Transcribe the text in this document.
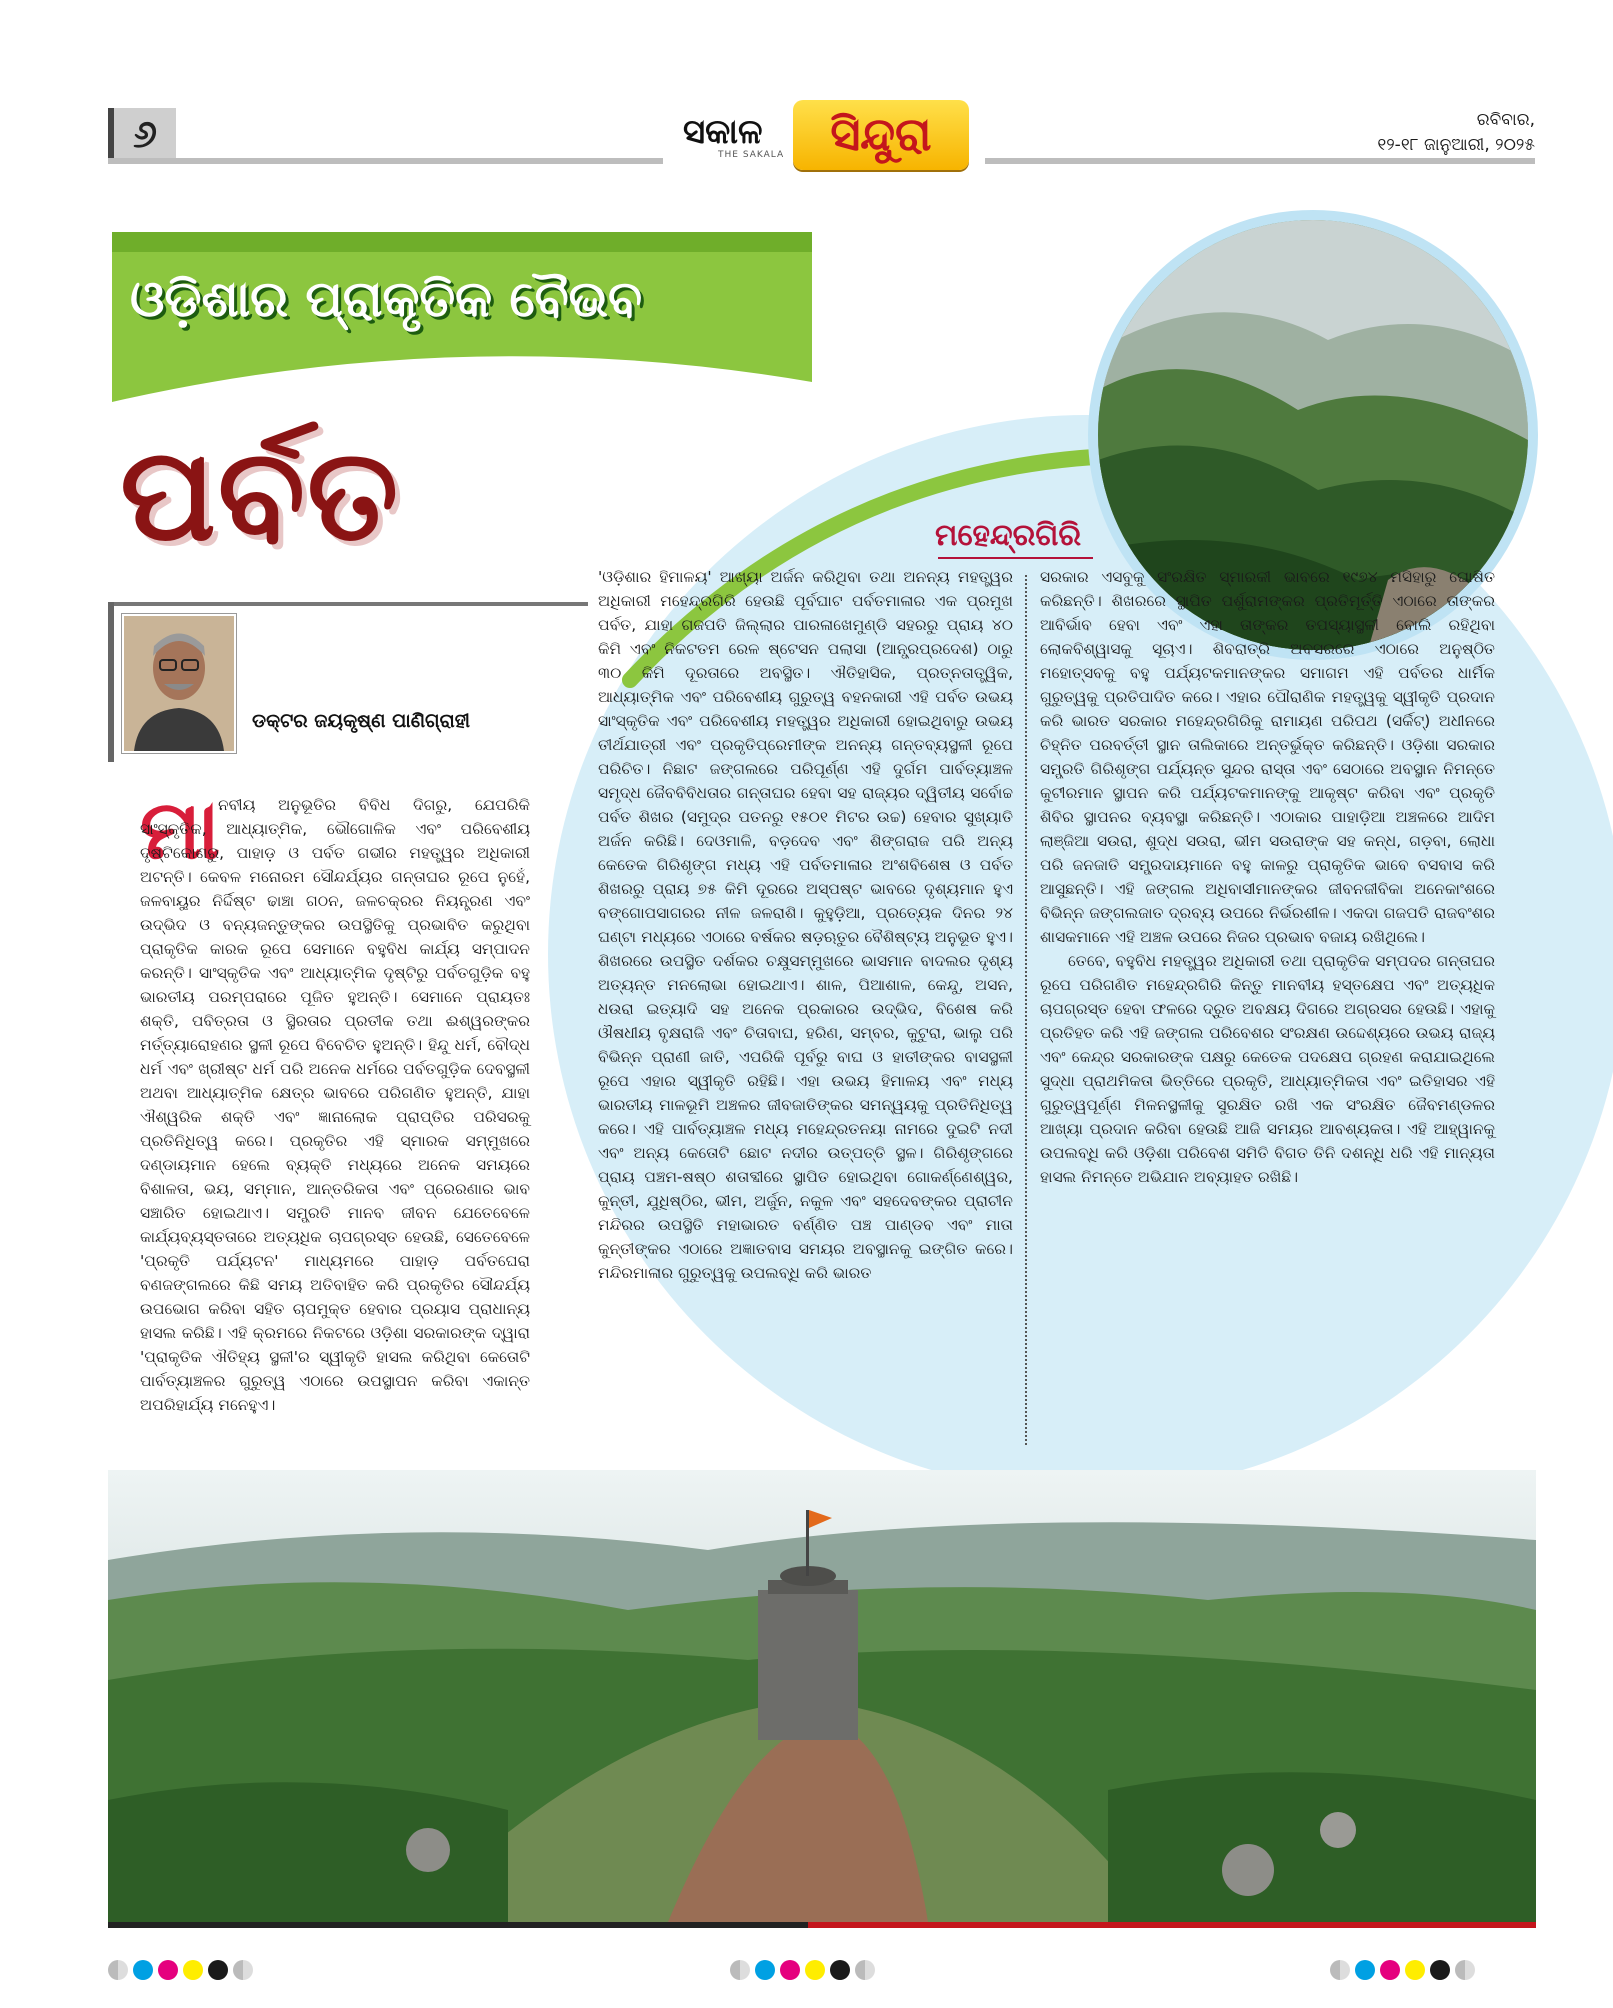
୬	ସକାଳ
THE SAKALA	ସିନ୍ଦୁରା	ରବିବାର,
୧୨-୧୮ ଜାନୁଆରୀ, ୨୦୨୫
ଓଡ଼ିଶାର ପ୍ରାକୃତିକ ବୈଭବ
ପର୍ବତ
ଡକ୍ଟର ଜୟକୃଷ୍ଣ ପାଣିଗ୍ରାହୀ
ମା
ନବୀୟ ଅନୁଭୂତିର ବିବିଧ ଦିଗରୁ, ଯେପରିକି ସାଂସ୍କୃତିକ, ଆଧ୍ୟାତ୍ମିକ, ଭୌଗୋଳିକ ଏବଂ ପରିବେଶୀୟ ଦୃଷ୍ଟିକୋଣରୁ, ପାହାଡ଼ ଓ ପର୍ବତ ଗଭୀର ମହତ୍ତ୍ୱର ଅଧିକାରୀ ଅଟନ୍ତି। କେବଳ ମନୋରମ ସୌନ୍ଦର୍ଯ୍ୟର ଗନ୍ତାଘର ରୂପେ ନୁହେଁ, ଜଳବାୟୁର ନିର୍ଦ୍ଦିଷ୍ଟ ଢାଞ୍ଚା ଗଠନ, ଜଳଚକ୍ରର ନିୟନ୍ତ୍ରଣ ଏବଂ ଉଦ୍ଭିଦ ଓ ବନ୍ୟଜନ୍ତୁଙ୍କର ଉପସ୍ଥିତିକୁ ପ୍ରଭାବିତ କରୁଥିବା ପ୍ରାକୃତିକ କାରକ ରୂପେ ସେମାନେ ବହୁବିଧ କାର୍ଯ୍ୟ ସମ୍ପାଦନ କରନ୍ତି। ସାଂସ୍କୃତିକ ଏବଂ ଆଧ୍ୟାତ୍ମିକ ଦୃଷ୍ଟିରୁ ପର୍ବତଗୁଡ଼ିକ ବହୁ ଭାରତୀୟ ପରମ୍ପରାରେ ପୂଜିତ ହୁଅନ୍ତି। ସେମାନେ ପ୍ରାୟତଃ ଶକ୍ତି, ପବିତ୍ରତା ଓ ସ୍ଥିରତାର ପ୍ରତୀକ ତଥା ଈଶ୍ୱରଙ୍କର ମର୍ତ୍ତ୍ୟାରୋହଣର ସ୍ଥଳୀ ରୂପେ ବିବେଚିତ ହୁଅନ୍ତି। ହିନ୍ଦୁ ଧର୍ମ, ବୌଦ୍ଧ ଧର୍ମ ଏବଂ ଖ୍ରୀଷ୍ଟ ଧର୍ମ ପରି ଅନେକ ଧର୍ମରେ ପର୍ବତଗୁଡ଼ିକ ଦେବସ୍ଥଳୀ ଅଥବା ଆଧ୍ୟାତ୍ମିକ କ୍ଷେତ୍ର ଭାବରେ ପରିଗଣିତ ହୁଅନ୍ତି, ଯାହା ଐଶ୍ୱରିକ ଶକ୍ତି ଏବଂ ଜ୍ଞାନାଲୋକ ପ୍ରାପ୍ତିର ପରିସରକୁ ପ୍ରତିନିଧିତ୍ୱ କରେ। ପ୍ରକୃତିର ଏହି ସ୍ମାରକ ସମ୍ମୁଖରେ ଦଣ୍ଡାୟମାନ ହେଲେ ବ୍ୟକ୍ତି ମଧ୍ୟରେ ଅନେକ ସମୟରେ ବିଶାଳତା, ଭୟ, ସମ୍ମାନ, ଆନ୍ତରିକତା ଏବଂ ପ୍ରେରଣାର ଭାବ ସଞ୍ଚାରିତ ହୋଇଥାଏ। ସମ୍ପ୍ରତି ମାନବ ଜୀବନ ଯେତେବେଳେ କାର୍ଯ୍ୟବ୍ୟସ୍ତତାରେ ଅତ୍ୟଧିକ ଚାପଗ୍ରସ୍ତ ହେଉଛି, ସେତେବେଳେ 'ପ୍ରକୃତି ପର୍ଯ୍ୟଟନ' ମାଧ୍ୟମରେ ପାହାଡ଼ ପର୍ବତଘେରା ବଣଜଙ୍ଗଲରେ କିଛି ସମୟ ଅତିବାହିତ କରି ପ୍ରକୃତିର ସୌନ୍ଦର୍ଯ୍ୟ ଉପଭୋଗ କରିବା ସହିତ ଚାପମୁକ୍ତ ହେବାର ପ୍ରୟାସ ପ୍ରାଧାନ୍ୟ ହାସଲ କରିଛି। ଏହି କ୍ରମରେ ନିକଟରେ ଓଡ଼ିଶା ସରକାରଙ୍କ ଦ୍ୱାରା 'ପ୍ରାକୃତିକ ଐତିହ୍ୟ ସ୍ଥଳୀ'ର ସ୍ୱୀକୃତି ହାସଲ କରିଥିବା କେତୋଟି ପାର୍ବତ୍ୟାଞ୍ଚଳର ଗୁରୁତ୍ୱ ଏଠାରେ ଉପସ୍ଥାପନ କରିବା ଏକାନ୍ତ ଅପରିହାର୍ଯ୍ୟ ମନେହୁଏ।
ମହେନ୍ଦ୍ରଗିରି

'ଓଡ଼ିଶାର ହିମାଳୟ' ଆଖ୍ୟା ଅର୍ଜନ କରିଥିବା ତଥା ଅନନ୍ୟ ମହତ୍ତ୍ୱର ଅଧିକାରୀ ମହେନ୍ଦ୍ରଗିରି ହେଉଛି ପୂର୍ବଘାଟ ପର୍ବତମାଳାର ଏକ ପ୍ରମୁଖ ପର୍ବତ, ଯାହା ଗଜପତି ଜିଲ୍ଲାର ପାରଳାଖେମୁଣ୍ଡି ସହରରୁ ପ୍ରାୟ ୪୦ କିମି ଏବଂ ନିକଟତମ ରେଳ ଷ୍ଟେସନ ପଲାସା (ଆନ୍ଧ୍ରପ୍ରଦେଶ) ଠାରୁ ୩୦ କିମି ଦୂରତାରେ ଅବସ୍ଥିତ। ଐତିହାସିକ, ପ୍ରତ୍ନତାତ୍ତ୍ୱିକ, ଆଧ୍ୟାତ୍ମିକ ଏବଂ ପରିବେଶୀୟ ଗୁରୁତ୍ୱ ବହନକାରୀ ଏହି ପର୍ବତ ଉଭୟ ସାଂସ୍କୃତିକ ଏବଂ ପରିବେଶୀୟ ମହତ୍ତ୍ୱର ଅଧିକାରୀ ହୋଇଥିବାରୁ ଉଭୟ ତୀର୍ଥଯାତ୍ରୀ ଏବଂ ପ୍ରକୃତିପ୍ରେମୀଙ୍କ ଅନନ୍ୟ ଗନ୍ତବ୍ୟସ୍ଥଳୀ ରୂପେ ପରିଚିତ। ନିଛାଟ ଜଙ୍ଗଲରେ ପରିପୂର୍ଣ୍ଣ ଏହି ଦୁର୍ଗମ ପାର୍ବତ୍ୟାଞ୍ଚଳ ସମୃଦ୍ଧ ଜୈବବିବିଧତାର ଗନ୍ତାଘର ହେବା ସହ ରାଜ୍ୟର ଦ୍ୱିତୀୟ ସର୍ବୋଚ୍ଚ ପର୍ବତ ଶିଖର (ସମୁଦ୍ର ପତନରୁ ୧୫୦୧ ମିଟର ଉଚ୍ଚ) ହେବାର ସୁଖ୍ୟାତି ଅର୍ଜନ କରିଛି। ଦେଓମାଳି, ବଡ଼ଦେବ ଏବଂ ଶିଙ୍ଗରାଜ ପରି ଅନ୍ୟ କେତେକ ଗିରିଶୃଙ୍ଗ ମଧ୍ୟ ଏହି ପର୍ବତମାଳାର ଅଂଶବିଶେଷ ଓ ପର୍ବତ ଶିଖରରୁ ପ୍ରାୟ ୭୫ କିମି ଦୂରରେ ଅସ୍ପଷ୍ଟ ଭାବରେ ଦୃଶ୍ୟମାନ ହୁଏ ବଙ୍ଗୋପସାଗରର ନୀଳ ଜଳରାଶି। କୁହୁଡ଼ିଆ, ପ୍ରତ୍ୟେକ ଦିନର ୨୪ ଘଣ୍ଟା ମଧ୍ୟରେ ଏଠାରେ ବର୍ଷକର ଷଡ଼ଋତୁର ବୈଶିଷ୍ଟ୍ୟ ଅନୁଭୂତ ହୁଏ। ଶିଖରରେ ଉପସ୍ଥିତ ଦର୍ଶକର ଚକ୍ଷୁସମ୍ମୁଖରେ ଭାସମାନ ବାଦଲର ଦୃଶ୍ୟ ଅତ୍ୟନ୍ତ ମନଲୋଭା ହୋଇଥାଏ। ଶାଳ, ପିଆଶାଳ, କେନ୍ଦୁ, ଅସନ, ଧଉରା ଇତ୍ୟାଦି ସହ ଅନେକ ପ୍ରକାରର ଉଦ୍ଭିଦ, ବିଶେଷ କରି ଔଷଧୀୟ ବୃକ୍ଷରାଜି ଏବଂ ଚିତାବାଘ, ହରିଣ, ସମ୍ବର, କୁଟୁରା, ଭାଲୁ ପରି ବିଭିନ୍ନ ପ୍ରାଣୀ ଜାତି, ଏପରିକି ପୂର୍ବରୁ ବାଘ ଓ ହାତୀଙ୍କର ବାସସ୍ଥଳୀ ରୂପେ ଏହାର ସ୍ୱୀକୃତି ରହିଛି। ଏହା ଉଭୟ ହିମାଳୟ ଏବଂ ମଧ୍ୟ ଭାରତୀୟ ମାଳଭୂମି ଅଞ୍ଚଳର ଜୀବଜାତିଙ୍କର ସମନ୍ୱୟକୁ ପ୍ରତିନିଧିତ୍ୱ କରେ। ଏହି ପାର୍ବତ୍ୟାଞ୍ଚଳ ମଧ୍ୟ ମହେନ୍ଦ୍ରତନୟା ନାମରେ ଦୁଇଟି ନଦୀ ଏବଂ ଅନ୍ୟ କେତୋଟି ଛୋଟ ନଦୀର ଉତ୍ପତ୍ତି ସ୍ଥଳ। ଗିରିଶୃଙ୍ଗରେ ପ୍ରାୟ ପଞ୍ଚମ-ଷଷ୍ଠ ଶତାବ୍ଦୀରେ ସ୍ଥାପିତ ହୋଇଥିବା ଗୋକର୍ଣ୍ଣେଶ୍ୱର, କୁନ୍ତୀ, ଯୁଧିଷ୍ଠିର, ଭୀମ, ଅର୍ଜୁନ, ନକୁଳ ଏବଂ ସହଦେବଙ୍କର ପ୍ରାଚୀନ ମନ୍ଦିରର ଉପସ୍ଥିତି ମହାଭାରତ ବର୍ଣ୍ଣିତ ପଞ୍ଚ ପାଣ୍ଡବ ଏବଂ ମାତା କୁନ୍ତୀଙ୍କର ଏଠାରେ ଅଜ୍ଞାତବାସ ସମୟର ଅବସ୍ଥାନକୁ ଇଙ୍ଗିତ କରେ। ମନ୍ଦିରମାଳାର ଗୁରୁତ୍ୱକୁ ଉପଲବ୍ଧି କରି ଭାରତ

ସରକାର ଏସବୁକୁ ସଂରକ୍ଷିତ ସ୍ମାରକୀ ଭାବରେ ୧୯୭୪ ମସିହାରୁ ଘୋଷିତ କରିଛନ୍ତି। ଶିଖରରେ ସ୍ଥାପିତ ପର୍ଶୁରାମଙ୍କର ପ୍ରତିମୂର୍ତ୍ତି ଏଠାରେ ତାଙ୍କର ଆବିର୍ଭାବ ହେବା ଏବଂ ଏହା ତାଙ୍କର ତପସ୍ୟାସ୍ଥଳୀ ବୋଲି ରହିଥିବା ଲୋକବିଶ୍ୱାସକୁ ସୂଚାଏ। ଶିବରାତ୍ରି ଅବସରରେ ଏଠାରେ ଅନୁଷ୍ଠିତ ମହୋତ୍ସବକୁ ବହୁ ପର୍ଯ୍ୟଟକମାନଙ୍କର ସମାଗମ ଏହି ପର୍ବତର ଧାର୍ମିକ ଗୁରୁତ୍ୱକୁ ପ୍ରତିପାଦିତ କରେ। ଏହାର ପୌରାଣିକ ମହତ୍ତ୍ୱକୁ ସ୍ୱୀକୃତି ପ୍ରଦାନ କରି ଭାରତ ସରକାର ମହେନ୍ଦ୍ରଗିରିକୁ ରାମାୟଣ ପରିପଥ (ସର୍କିଟ୍) ଅଧୀନରେ ଚିହ୍ନିତ ପରବର୍ତ୍ତୀ ସ୍ଥାନ ତାଲିକାରେ ଅନ୍ତର୍ଭୁକ୍ତ କରିଛନ୍ତି। ଓଡ଼ିଶା ସରକାର ସମ୍ପ୍ରତି ଗିରିଶୃଙ୍ଗ ପର୍ଯ୍ୟନ୍ତ ସୁନ୍ଦର ରାସ୍ତା ଏବଂ ସେଠାରେ ଅବସ୍ଥାନ ନିମନ୍ତେ କୁଟୀରମାନ ସ୍ଥାପନ କରି ପର୍ଯ୍ୟଟକମାନଙ୍କୁ ଆକୃଷ୍ଟ କରିବା ଏବଂ ପ୍ରକୃତି ଶିବିର ସ୍ଥାପନର ବ୍ୟବସ୍ଥା କରିଛନ୍ତି। ଏଠାକାର ପାହାଡ଼ିଆ ଅଞ୍ଚଳରେ ଆଦିମ ଲାଞ୍ଜିଆ ସଉରା, ଶୁଦ୍ଧ ସଉରା, ଭୀମ ସଉରାଙ୍କ ସହ କନ୍ଧ, ଗଡ଼ବା, ଲୋଧା ପରି ଜନଜାତି ସମ୍ପ୍ରଦାୟମାନେ ବହୁ କାଳରୁ ପ୍ରାକୃତିକ ଭାବେ ବସବାସ କରି ଆସୁଛନ୍ତି। ଏହି ଜଙ୍ଗଲ ଅଧିବାସୀମାନଙ୍କର ଜୀବନଜୀବିକା ଅନେକାଂଶରେ ବିଭିନ୍ନ ଜଙ୍ଗଲଜାତ ଦ୍ରବ୍ୟ ଉପରେ ନିର୍ଭରଶୀଳ। ଏକଦା ଗଜପତି ରାଜବଂଶର ଶାସକମାନେ ଏହି ଅଞ୍ଚଳ ଉପରେ ନିଜର ପ୍ରଭାବ ବଜାୟ ରଖିଥିଲେ।

ତେବେ, ବହୁବିଧ ମହତ୍ତ୍ୱର ଅଧିକାରୀ ତଥା ପ୍ରାକୃତିକ ସମ୍ପଦର ଗନ୍ତାଘର ରୂପେ ପରିଗଣିତ ମହେନ୍ଦ୍ରଗିରି କିନ୍ତୁ ମାନବୀୟ ହସ୍ତକ୍ଷେପ ଏବଂ ଅତ୍ୟଧିକ ଚାପଗ୍ରସ୍ତ ହେବା ଫଳରେ ଦ୍ରୁତ ଅବକ୍ଷୟ ଦିଗରେ ଅଗ୍ରସର ହେଉଛି। ଏହାକୁ ପ୍ରତିହତ କରି ଏହି ଜଙ୍ଗଲ ପରିବେଶର ସଂରକ୍ଷଣ ଉଦ୍ଦେଶ୍ୟରେ ଉଭୟ ରାଜ୍ୟ ଏବଂ କେନ୍ଦ୍ର ସରକାରଙ୍କ ପକ୍ଷରୁ କେତେକ ପଦକ୍ଷେପ ଗ୍ରହଣ କରାଯାଇଥିଲେ ସୁଦ୍ଧା ପ୍ରାଥମିକତା ଭିତ୍ତିରେ ପ୍ରକୃତି, ଆଧ୍ୟାତ୍ମିକତା ଏବଂ ଇତିହାସର ଏହି ଗୁରୁତ୍ୱପୂର୍ଣ୍ଣ ମିଳନସ୍ଥଳୀକୁ ସୁରକ୍ଷିତ ରଖି ଏକ ସଂରକ୍ଷିତ ଜୈବମଣ୍ଡଳର ଆଖ୍ୟା ପ୍ରଦାନ କରିବା ହେଉଛି ଆଜି ସମୟର ଆବଶ୍ୟକତା। ଏହି ଆହ୍ୱାନକୁ ଉପଲବ୍ଧି କରି ଓଡ଼ିଶା ପରିବେଶ ସମିତି ବିଗତ ତିନି ଦଶନ୍ଧି ଧରି ଏହି ମାନ୍ୟତା ହାସଲ ନିମନ୍ତେ ଅଭିଯାନ ଅବ୍ୟାହତ ରଖିଛି।
